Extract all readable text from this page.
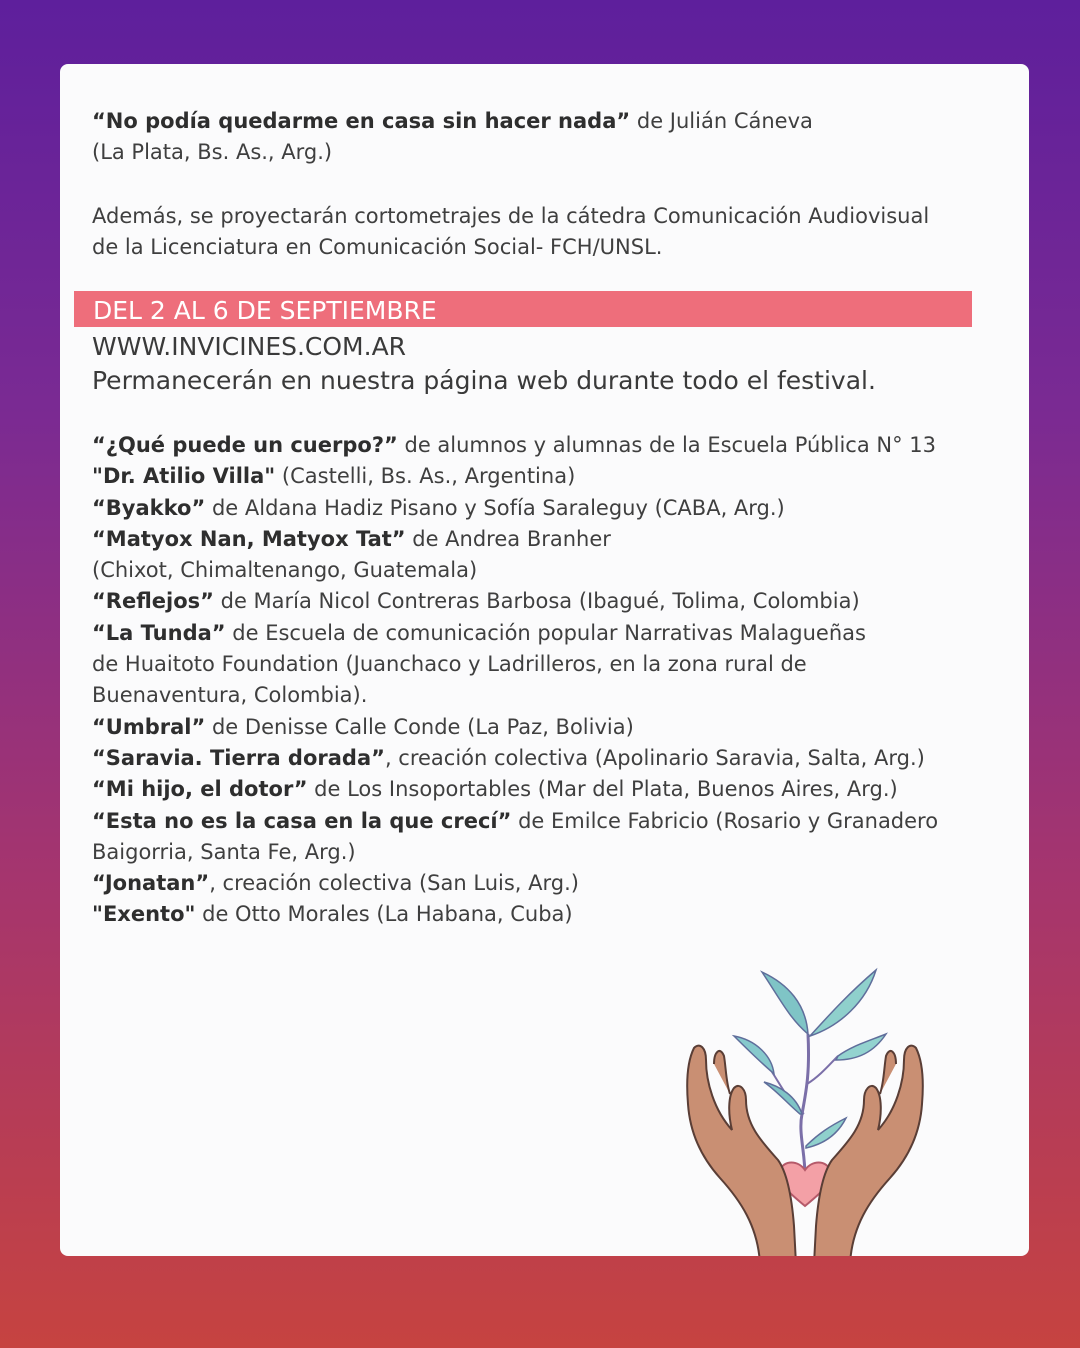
“No podía quedarme en casa sin hacer nada” de Julián Cáneva
(La Plata, Bs. As., Arg.)
Además, se proyectarán cortometrajes de la cátedra Comunicación Audiovisual
de la Licenciatura en Comunicación Social- FCH/UNSL.
DEL 2 AL 6 DE SEPTIEMBRE
WWW.INVICINES.COM.AR
Permanecerán en nuestra página web durante todo el festival.
“¿Qué puede un cuerpo?” de alumnos y alumnas de la Escuela Pública N° 13
"Dr. Atilio Villa" (Castelli, Bs. As., Argentina)
“Byakko” de Aldana Hadiz Pisano y Sofía Saraleguy (CABA, Arg.)
“Matyox Nan, Matyox Tat” de Andrea Branher
(Chixot, Chimaltenango, Guatemala)
“Reflejos” de María Nicol Contreras Barbosa (Ibagué, Tolima, Colombia)
“La Tunda” de Escuela de comunicación popular Narrativas Malagueñas
de Huaitoto Foundation (Juanchaco y Ladrilleros, en la zona rural de
Buenaventura, Colombia).
“Umbral” de Denisse Calle Conde (La Paz, Bolivia)
“Saravia. Tierra dorada”, creación colectiva (Apolinario Saravia, Salta, Arg.)
“Mi hijo, el dotor” de Los Insoportables (Mar del Plata, Buenos Aires, Arg.)
“Esta no es la casa en la que crecí” de Emilce Fabricio (Rosario y Granadero
Baigorria, Santa Fe, Arg.)
“Jonatan”, creación colectiva (San Luis, Arg.)
"Exento" de Otto Morales (La Habana, Cuba)
